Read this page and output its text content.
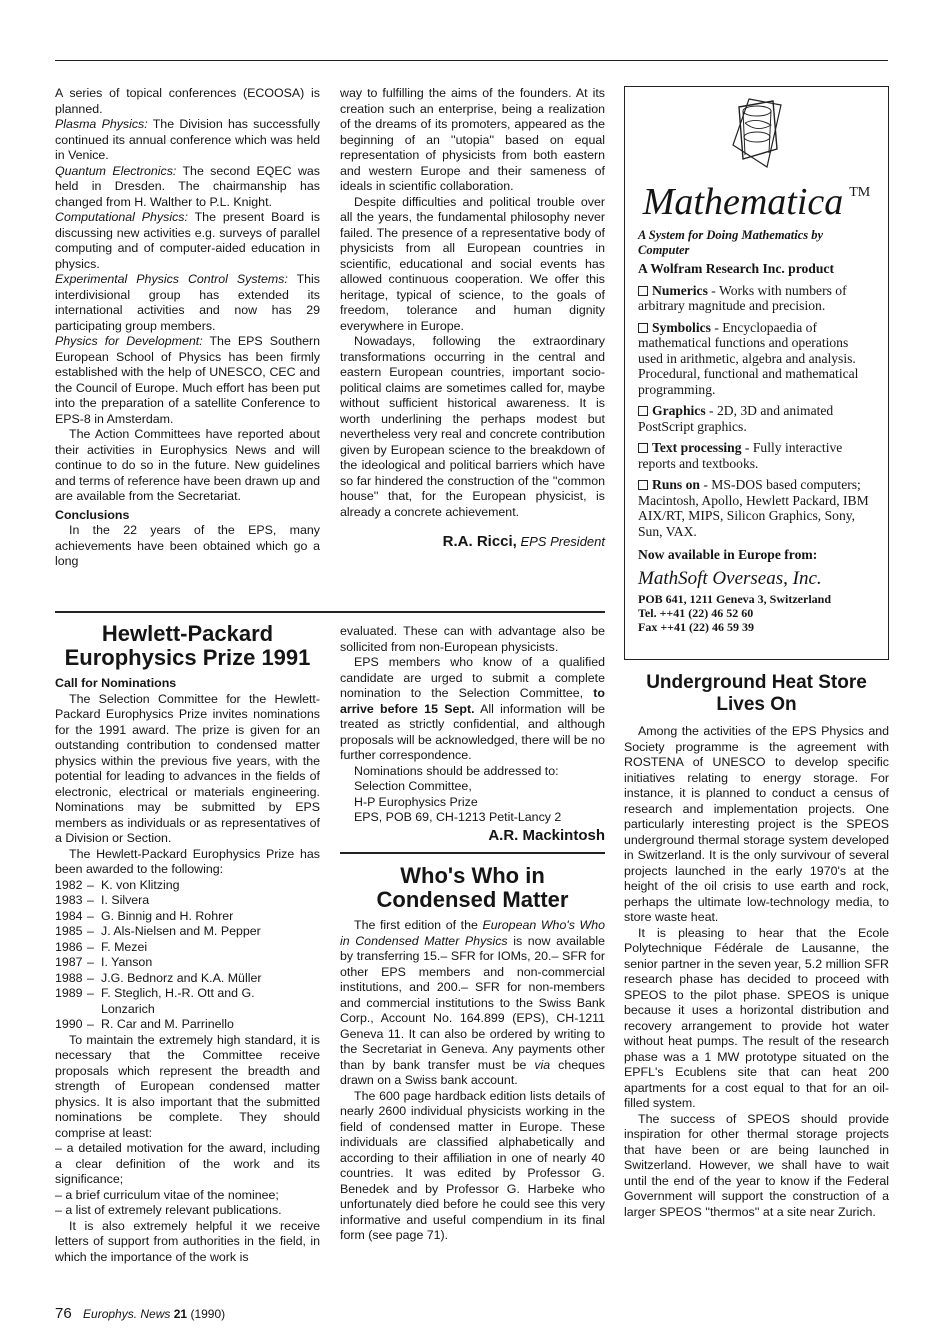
A series of topical conferences (ECOOSA) is planned.

Plasma Physics: The Division has successfully continued its annual conference which was held in Venice.

Quantum Electronics: The second EQEC was held in Dresden. The chairmanship has changed from H. Walther to P.L. Knight.

Computational Physics: The present Board is discussing new activities e.g. surveys of parallel computing and of computer-aided education in physics.

Experimental Physics Control Systems: This interdivisional group has extended its international activities and now has 29 participating group members.

Physics for Development: The EPS Southern European School of Physics has been firmly established with the help of UNESCO, CEC and the Council of Europe. Much effort has been put into the preparation of a satellite Conference to EPS-8 in Amsterdam.

The Action Committees have reported about their activities in Europhysics News and will continue to do so in the future. New guidelines and terms of reference have been drawn up and are available from the Secretariat.

Conclusions

In the 22 years of the EPS, many achievements have been obtained which go a long

way to fulfilling the aims of the founders. At its creation such an enterprise, being a realization of the dreams of its promoters, appeared as the beginning of an ''utopia'' based on equal representation of physicists from both eastern and western Europe and their sameness of ideals in scientific collaboration.

Despite difficulties and political trouble over all the years, the fundamental philosophy never failed. The presence of a representative body of physicists from all European countries in scientific, educational and social events has allowed continuous cooperation. We offer this heritage, typical of science, to the goals of freedom, tolerance and human dignity everywhere in Europe.

Nowadays, following the extraordinary transformations occurring in the central and eastern European countries, important socio-political claims are sometimes called for, maybe without sufficient historical awareness. It is worth underlining the perhaps modest but nevertheless very real and concrete contribution given by European science to the breakdown of the ideological and political barriers which have so far hindered the construction of the ''common house'' that, for the European physicist, is already a concrete achievement.

R.A. Ricci, EPS President

Hewlett-Packard Europhysics Prize 1991

Call for Nominations

The Selection Committee for the Hewlett-Packard Europhysics Prize invites nominations for the 1991 award. The prize is given for an outstanding contribution to condensed matter physics within the previous five years, with the potential for leading to advances in the fields of electronic, electrical or materials engineering. Nominations may be submitted by EPS members as individuals or as representatives of a Division or Section.

The Hewlett-Packard Europhysics Prize has been awarded to the following:

1982 – K. von Klitzing
1983 – I. Silvera
1984 – G. Binnig and H. Rohrer
1985 – J. Als-Nielsen and M. Pepper
1986 – F. Mezei
1987 – I. Yanson
1988 – J.G. Bednorz and K.A. Müller
1989 – F. Steglich, H.-R. Ott and G. Lonzarich
1990 – R. Car and M. Parrinello

To maintain the extremely high standard, it is necessary that the Committee receive proposals which represent the breadth and strength of European condensed matter physics. It is also important that the submitted nominations be complete. They should comprise at least:

– a detailed motivation for the award, including a clear definition of the work and its significance;

– a brief curriculum vitae of the nominee;

– a list of extremely relevant publications.

It is also extremely helpful it we receive letters of support from authorities in the field, in which the importance of the work is

evaluated. These can with advantage also be sollicited from non-European physicists.

EPS members who know of a qualified candidate are urged to submit a complete nomination to the Selection Committee, to arrive before 15 Sept. All information will be treated as strictly confidential, and although proposals will be acknowledged, there will be no further correspondence.

Nominations should be addressed to:

Selection Committee,

H-P Europhysics Prize

EPS, POB 69, CH-1213 Petit-Lancy 2

A.R. Mackintosh

Who's Who in Condensed Matter

The first edition of the European Who's Who in Condensed Matter Physics is now available by transferring 15.– SFR for IOMs, 20.– SFR for other EPS members and non-commercial institutions, and 200.– SFR for non-members and commercial institutions to the Swiss Bank Corp., Account No. 164.899 (EPS), CH-1211 Geneva 11. It can also be ordered by writing to the Secretariat in Geneva. Any payments other than by bank transfer must be via cheques drawn on a Swiss bank account.

The 600 page hardback edition lists details of nearly 2600 individual physicists working in the field of condensed matter in Europe. These individuals are classified alphabetically and according to their affiliation in one of nearly 40 countries. It was edited by Professor G. Benedek and by Professor G. Harbeke who unfortunately died before he could see this very informative and useful compendium in its final form (see page 71).

Mathematica ™
A System for Doing Mathematics by Computer
A Wolfram Research Inc. product
Numerics - Works with numbers of arbitrary magnitude and precision.
Symbolics - Encyclopaedia of mathematical functions and operations used in arithmetic, algebra and analysis.
Procedural, functional and mathematical programming.
Graphics - 2D, 3D and animated PostScript graphics.
Text processing - Fully interactive reports and textbooks.
Runs on - MS-DOS based computers; Macintosh, Apollo, Hewlett Packard, IBM AIX/RT, MIPS, Silicon Graphics, Sony, Sun, VAX.
Now available in Europe from:
MathSoft Overseas, Inc.
POB 641, 1211 Geneva 3, Switzerland
Tel. ++41 (22) 46 52 60
Fax ++41 (22) 46 59 39
Underground Heat Store Lives On

Among the activities of the EPS Physics and Society programme is the agreement with ROSTENA of UNESCO to develop specific initiatives relating to energy storage. For instance, it is planned to conduct a census of research and implementation projects. One particularly interesting project is the SPEOS underground thermal storage system developed in Switzerland. It is the only survivour of several projects launched in the early 1970's at the height of the oil crisis to use earth and rock, perhaps the ultimate low-technology media, to store waste heat.

It is pleasing to hear that the Ecole Polytechnique Fédérale de Lausanne, the senior partner in the seven year, 5.2 million SFR research phase has decided to proceed with SPEOS to the pilot phase. SPEOS is unique because it uses a horizontal distribution and recovery arrangement to provide hot water without heat pumps. The result of the research phase was a 1 MW prototype situated on the EPFL's Ecublens site that can heat 200 apartments for a cost equal to that for an oil-filled system.

The success of SPEOS should provide inspiration for other thermal storage projects that have been or are being launched in Switzerland. However, we shall have to wait until the end of the year to know if the Federal Government will support the construction of a larger SPEOS ''thermos'' at a site near Zurich.

76 Europhys. News 21 (1990)
